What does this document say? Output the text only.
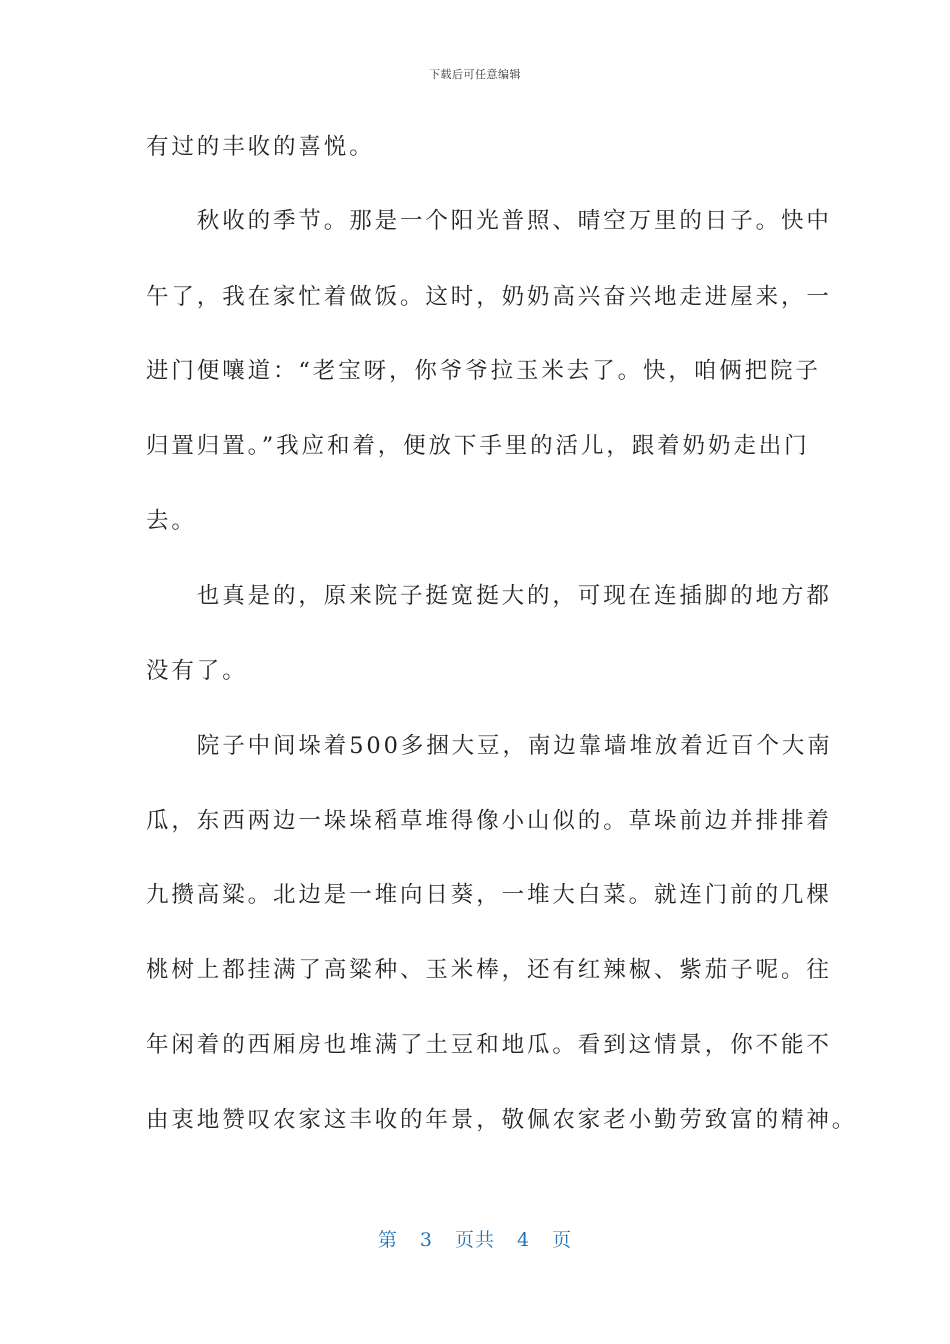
下载后可任意编辑
有过的丰收的喜悦。
　　秋收的季节。那是一个阳光普照、晴空万里的日子。快中
午了，我在家忙着做饭。这时，奶奶高兴奋兴地走进屋来，一
进门便嚷道：“老宝呀，你爷爷拉玉米去了。快，咱俩把院子
归置归置。”我应和着，便放下手里的活儿，跟着奶奶走出门
去。
　　也真是的，原来院子挺宽挺大的，可现在连插脚的地方都
没有了。
　　院子中间垛着500多捆大豆，南边靠墙堆放着近百个大南
瓜，东西两边一垛垛稻草堆得像小山似的。草垛前边并排排着
九攒高粱。北边是一堆向日葵，一堆大白菜。就连门前的几棵
桃树上都挂满了高粱种、玉米棒，还有红辣椒、紫茄子呢。往
年闲着的西厢房也堆满了土豆和地瓜。看到这情景，你不能不
由衷地赞叹农家这丰收的年景，敬佩农家老小勤劳致富的精神。
第 3 页共 4 页
